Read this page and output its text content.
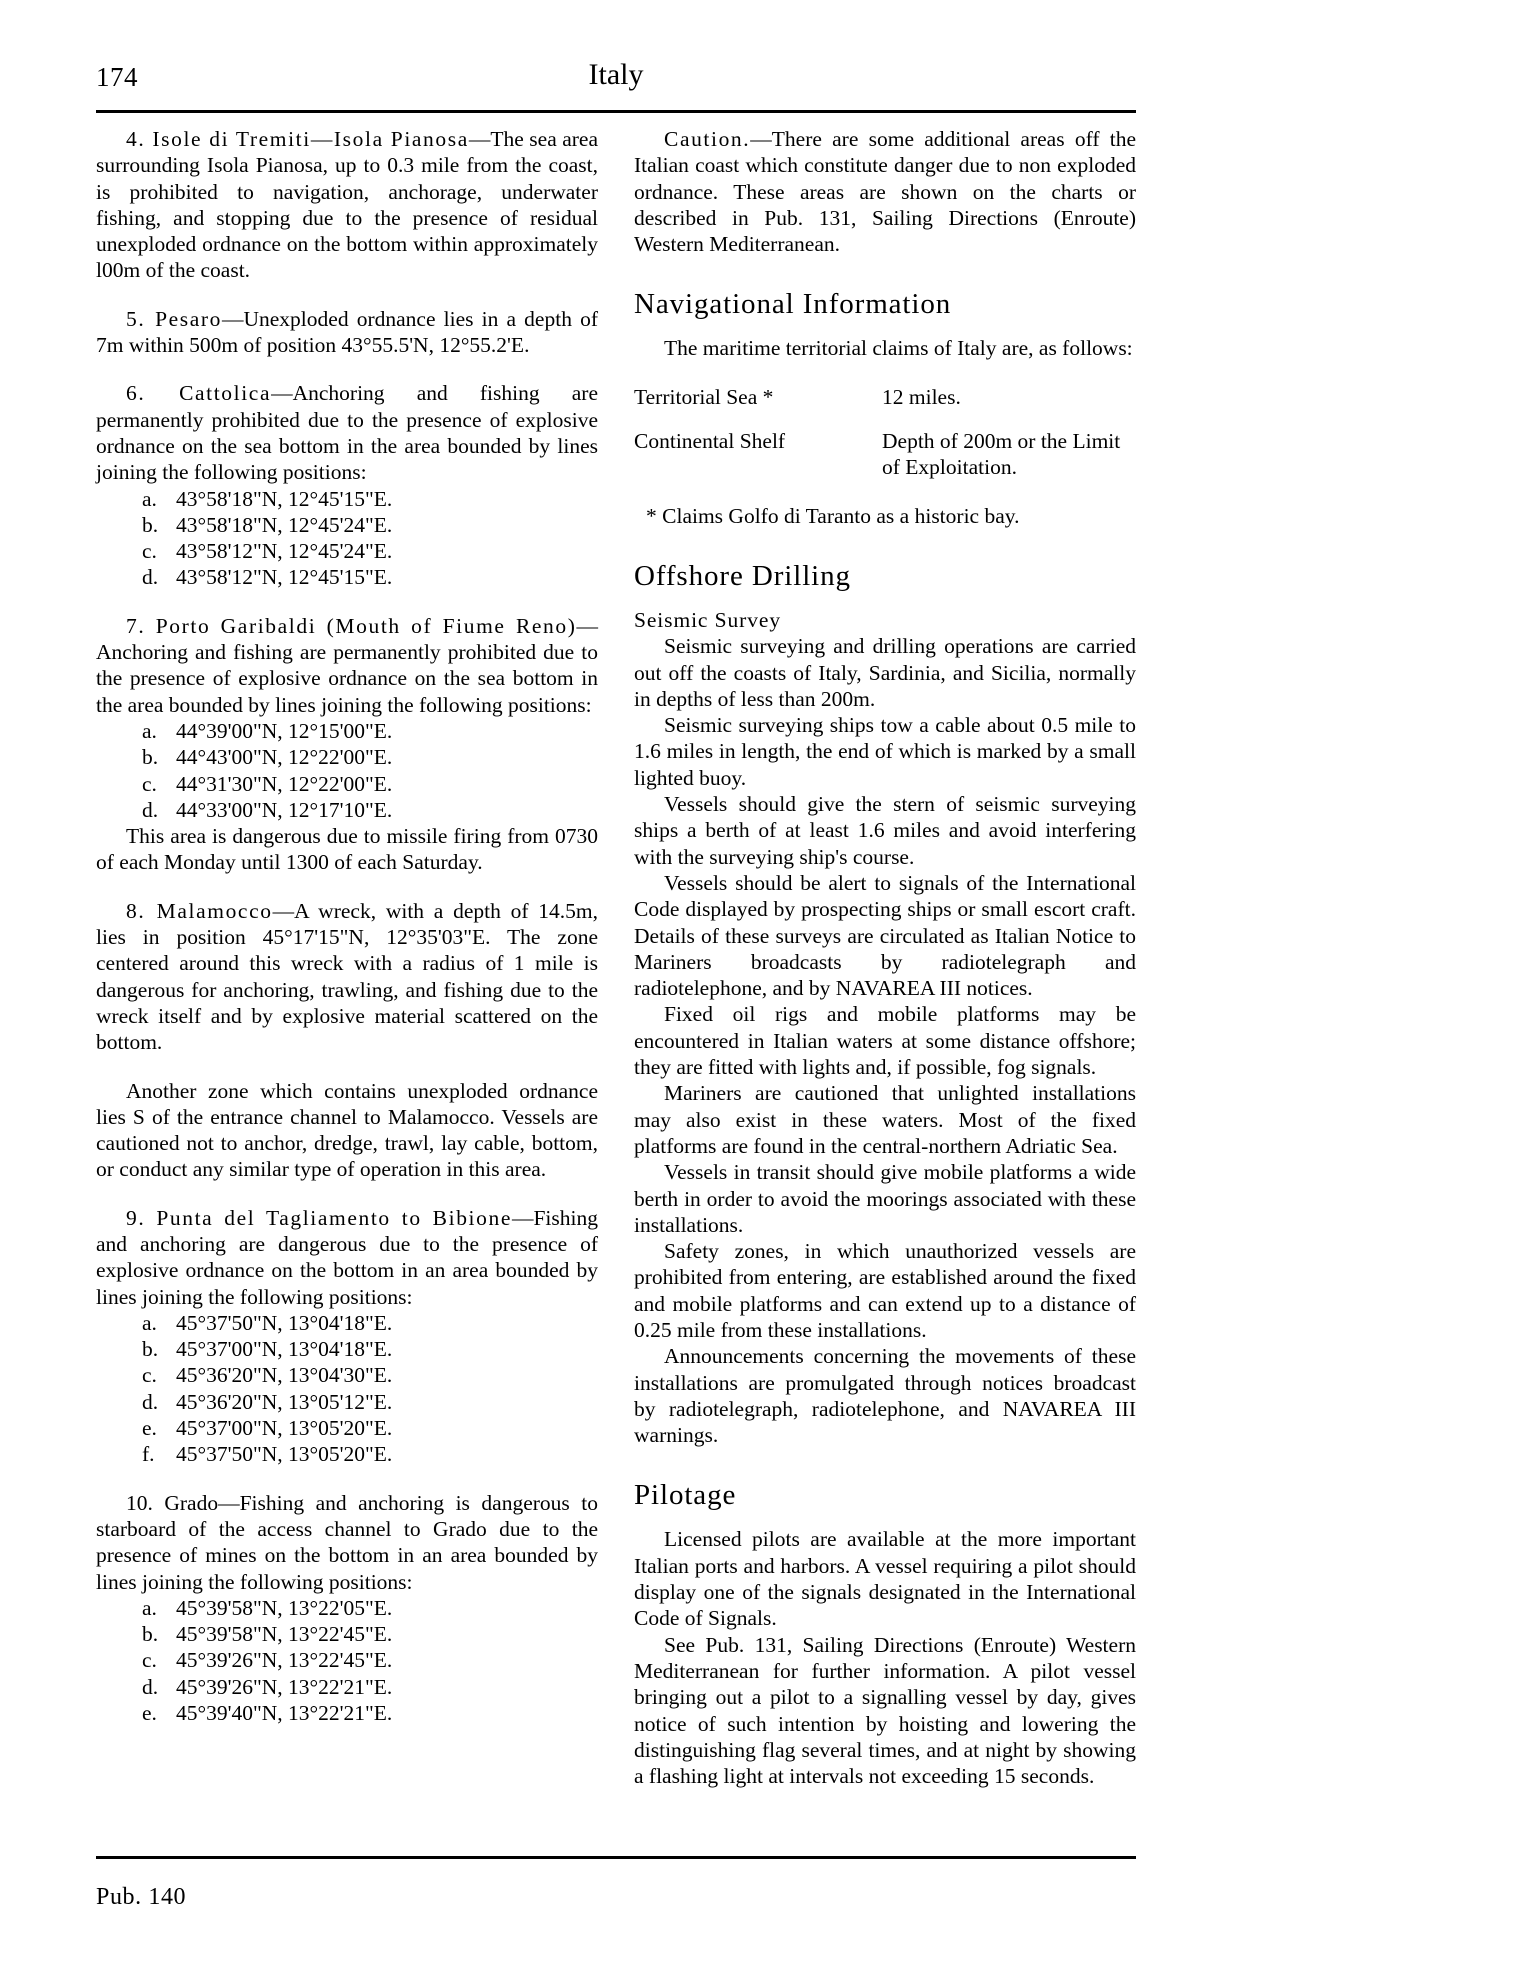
174	Italy

4. Isole di Tremiti—Isola Pianosa—The sea area surrounding Isola Pianosa, up to 0.3 mile from the coast, is prohibited to navigation, anchorage, underwater fishing, and stopping due to the presence of residual unexploded ordnance on the bottom within approximately l00m of the coast.

5. Pesaro—Unexploded ordnance lies in a depth of 7m within 500m of position 43°55.5'N, 12°55.2'E.

6. Cattolica—Anchoring and fishing are permanently prohibited due to the presence of explosive ordnance on the sea bottom in the area bounded by lines joining the following positions:

a. 43°58'18"N, 12°45'15"E.
b. 43°58'18"N, 12°45'24"E.
c. 43°58'12"N, 12°45'24"E.
d. 43°58'12"N, 12°45'15"E.

7. Porto Garibaldi (Mouth of Fiume Reno)—Anchoring and fishing are permanently prohibited due to the presence of explosive ordnance on the sea bottom in the area bounded by lines joining the following positions:

a. 44°39'00"N, 12°15'00"E.
b. 44°43'00"N, 12°22'00"E.
c. 44°31'30"N, 12°22'00"E.
d. 44°33'00"N, 12°17'10"E.

This area is dangerous due to missile firing from 0730 of each Monday until 1300 of each Saturday.

8. Malamocco—A wreck, with a depth of 14.5m, lies in position 45°17'15"N, 12°35'03"E. The zone centered around this wreck with a radius of 1 mile is dangerous for anchoring, trawling, and fishing due to the wreck itself and by explosive material scattered on the bottom.

Another zone which contains unexploded ordnance lies S of the entrance channel to Malamocco. Vessels are cautioned not to anchor, dredge, trawl, lay cable, bottom, or conduct any similar type of operation in this area.

9. Punta del Tagliamento to Bibione—Fishing and anchoring are dangerous due to the presence of explosive ordnance on the bottom in an area bounded by lines joining the following positions:

a. 45°37'50"N, 13°04'18"E.
b. 45°37'00"N, 13°04'18"E.
c. 45°36'20"N, 13°04'30"E.
d. 45°36'20"N, 13°05'12"E.
e. 45°37'00"N, 13°05'20"E.
f. 45°37'50"N, 13°05'20"E.

10. Grado—Fishing and anchoring is dangerous to starboard of the access channel to Grado due to the presence of mines on the bottom in an area bounded by lines joining the following positions:

a. 45°39'58"N, 13°22'05"E.
b. 45°39'58"N, 13°22'45"E.
c. 45°39'26"N, 13°22'45"E.
d. 45°39'26"N, 13°22'21"E.
e. 45°39'40"N, 13°22'21"E.

Caution.—There are some additional areas off the Italian coast which constitute danger due to non exploded ordnance. These areas are shown on the charts or described in Pub. 131, Sailing Directions (Enroute) Western Mediterranean.

Navigational Information

The maritime territorial claims of Italy are, as follows:

Territorial Sea *	12 miles.
Continental Shelf	Depth of 200m or the Limit of Exploitation.

* Claims Golfo di Taranto as a historic bay.

Offshore Drilling
Seismic Survey

Seismic surveying and drilling operations are carried out off the coasts of Italy, Sardinia, and Sicilia, normally in depths of less than 200m.

Seismic surveying ships tow a cable about 0.5 mile to 1.6 miles in length, the end of which is marked by a small lighted buoy.

Vessels should give the stern of seismic surveying ships a berth of at least 1.6 miles and avoid interfering with the surveying ship's course.

Vessels should be alert to signals of the International Code displayed by prospecting ships or small escort craft. Details of these surveys are circulated as Italian Notice to Mariners broadcasts by radiotelegraph and radiotelephone, and by NAVAREA III notices.

Fixed oil rigs and mobile platforms may be encountered in Italian waters at some distance offshore; they are fitted with lights and, if possible, fog signals.

Mariners are cautioned that unlighted installations may also exist in these waters. Most of the fixed platforms are found in the central-northern Adriatic Sea.

Vessels in transit should give mobile platforms a wide berth in order to avoid the moorings associated with these installations.

Safety zones, in which unauthorized vessels are prohibited from entering, are established around the fixed and mobile platforms and can extend up to a distance of 0.25 mile from these installations.

Announcements concerning the movements of these installations are promulgated through notices broadcast by radiotelegraph, radiotelephone, and NAVAREA III warnings.

Pilotage

Licensed pilots are available at the more important Italian ports and harbors. A vessel requiring a pilot should display one of the signals designated in the International Code of Signals.

See Pub. 131, Sailing Directions (Enroute) Western Mediterranean for further information. A pilot vessel bringing out a pilot to a signalling vessel by day, gives notice of such intention by hoisting and lowering the distinguishing flag several times, and at night by showing a flashing light at intervals not exceeding 15 seconds.

Pub. 140
